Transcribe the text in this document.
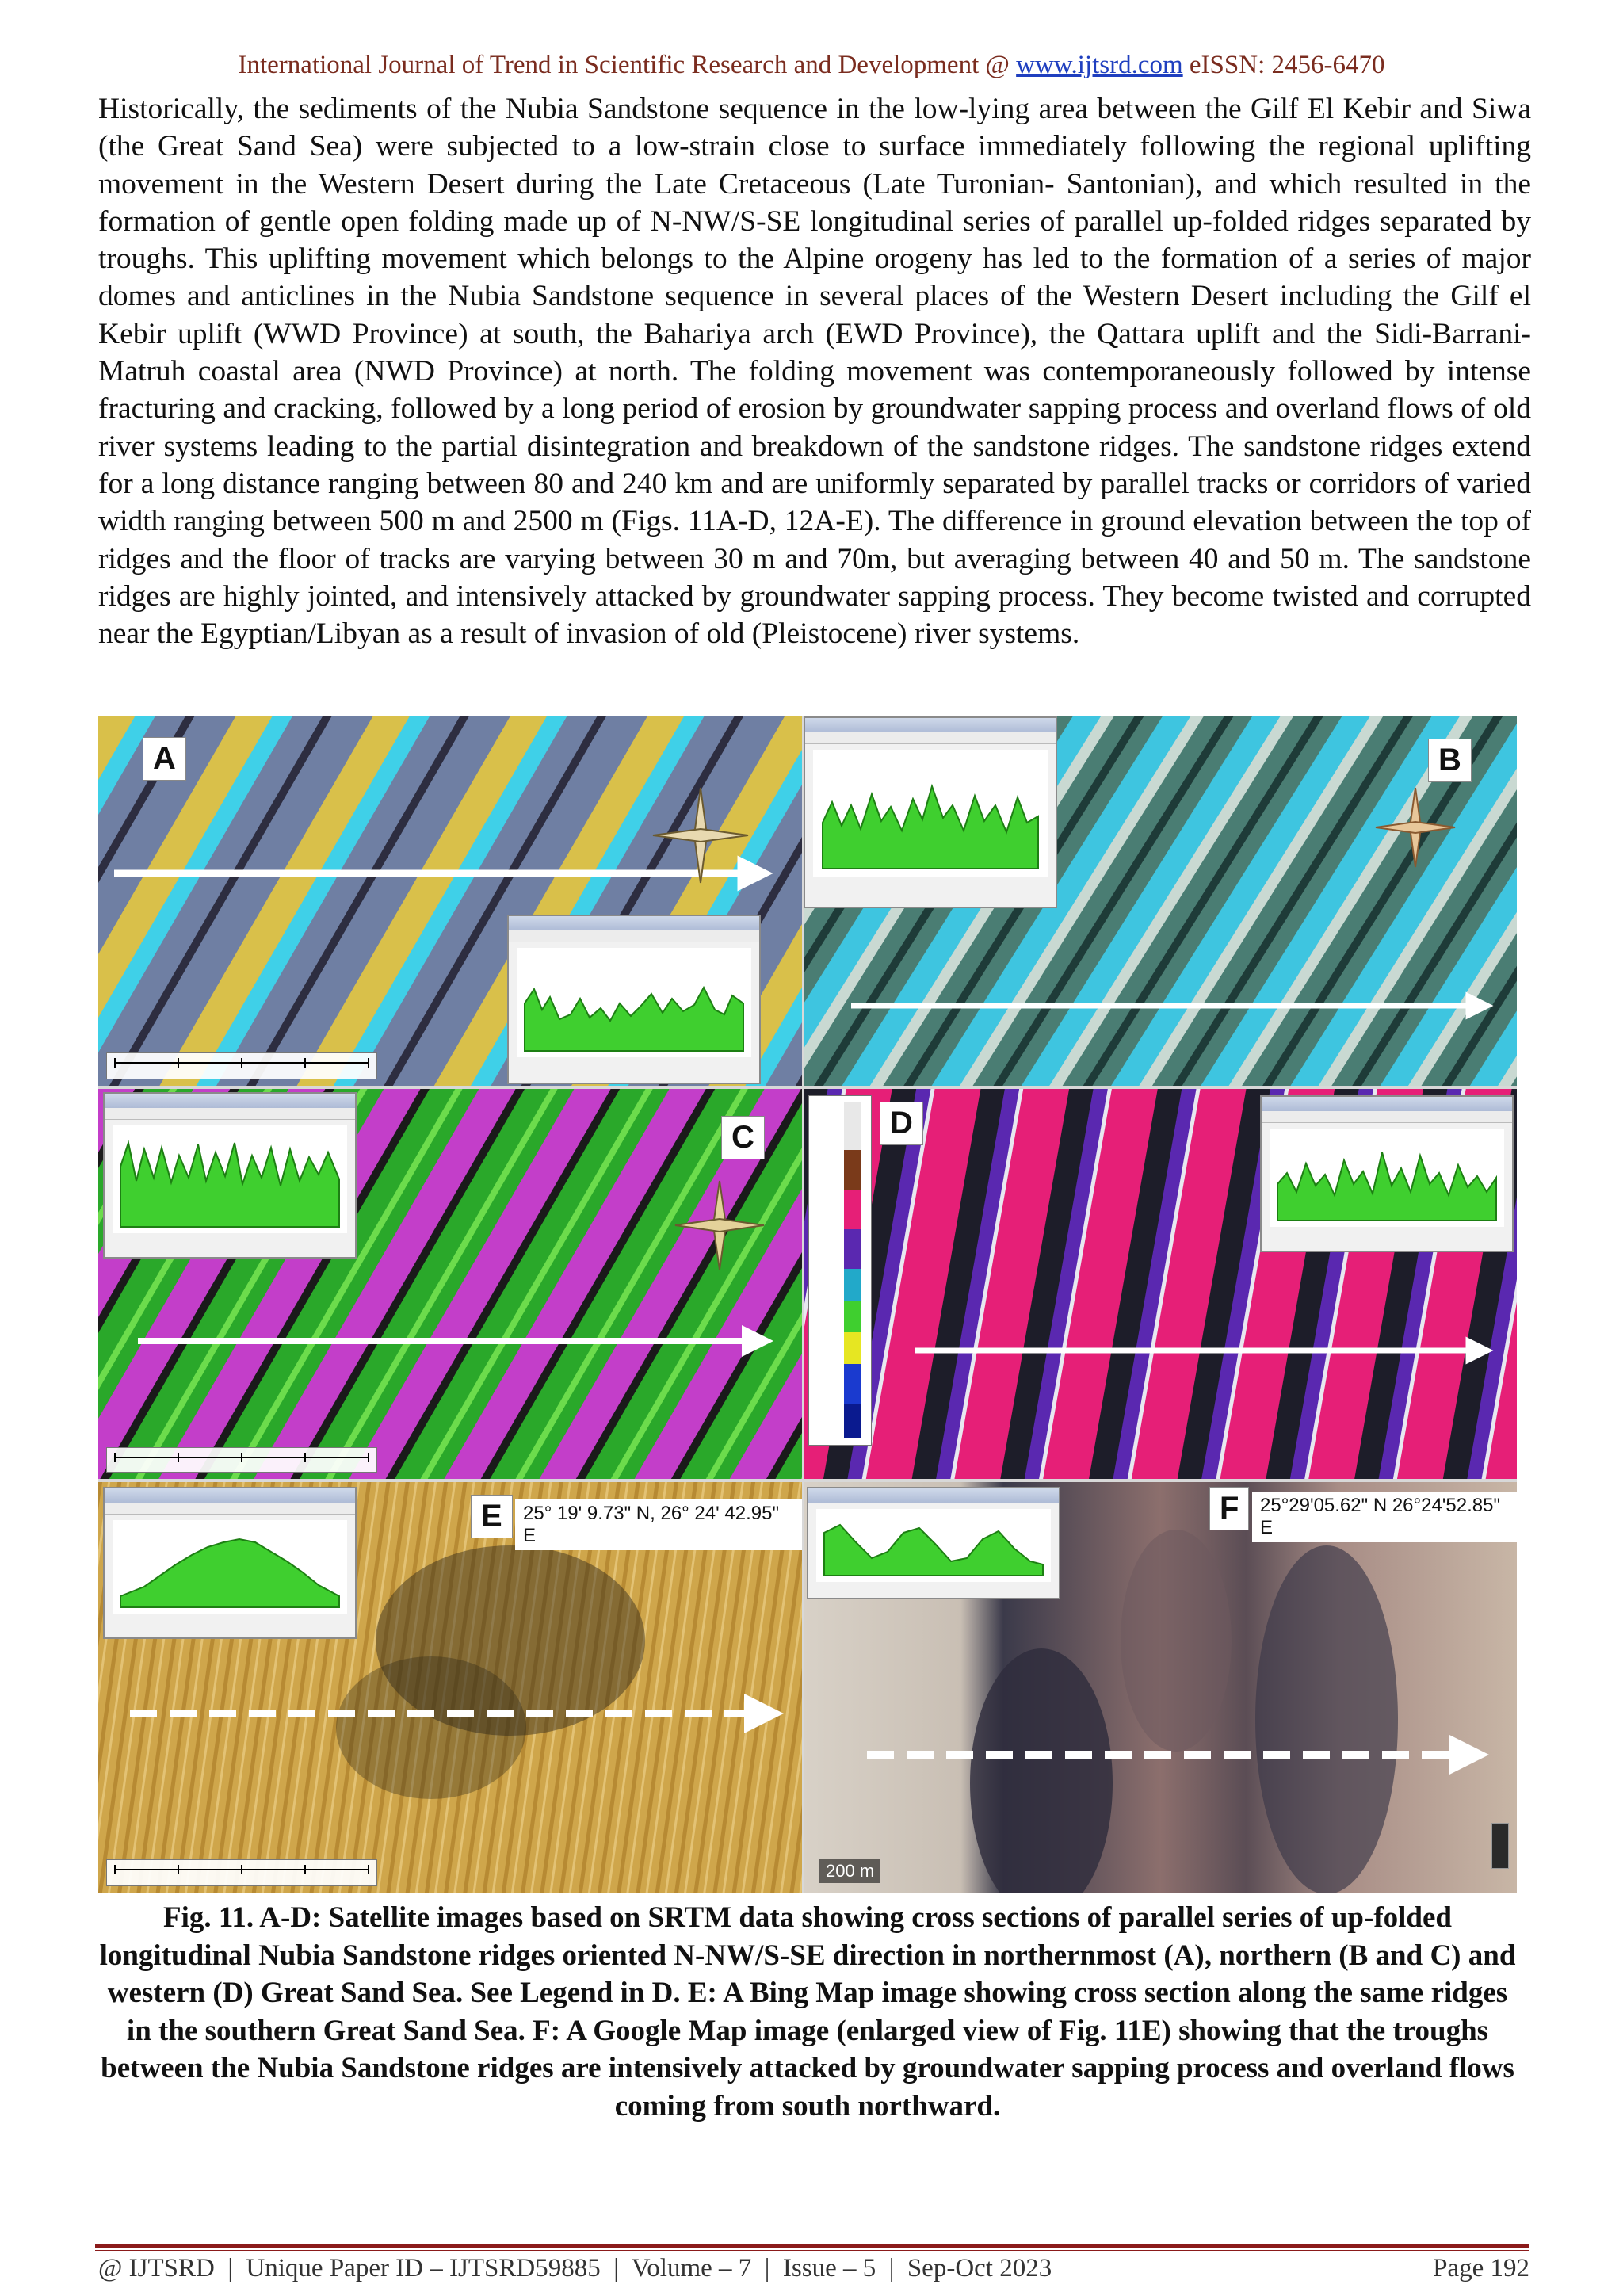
International Journal of Trend in Scientific Research and Development @ www.ijtsrd.com eISSN: 2456-6470
Historically, the sediments of the Nubia Sandstone sequence in the low-lying area between the Gilf El Kebir and Siwa (the Great Sand Sea) were subjected to a low-strain close to surface immediately following the regional uplifting movement in the Western Desert during the Late Cretaceous (Late Turonian- Santonian), and which resulted in the formation of gentle open folding made up of N-NW/S-SE longitudinal series of parallel up-folded ridges separated by troughs. This uplifting movement which belongs to the Alpine orogeny has led to the formation of a series of major domes and anticlines in the Nubia Sandstone sequence in several places of the Western Desert including the Gilf el Kebir uplift (WWD Province) at south, the Bahariya arch (EWD Province), the Qattara uplift and the Sidi-Barrani-Matruh coastal area (NWD Province) at north. The folding movement was contemporaneously followed by intense fracturing and cracking, followed by a long period of erosion by groundwater sapping process and overland flows of old river systems leading to the partial disintegration and breakdown of the sandstone ridges. The sandstone ridges extend for a long distance ranging between 80 and 240 km and are uniformly separated by parallel tracks or corridors of varied width ranging between 500 m and 2500 m (Figs. 11A-D, 12A-E). The difference in ground elevation between the top of ridges and the floor of tracks are varying between 30 m and 70m, but averaging between 40 and 50 m. The sandstone ridges are highly jointed, and intensively attacked by groundwater sapping process. They become twisted and corrupted near the Egyptian/Libyan as a result of invasion of old (Pleistocene) river systems.
A	B
C	D
E	25° 19' 9.73" N, 26° 24' 42.95" E
F	25°29'05.62" N 26°24'52.85" E
200 m
Fig. 11. A-D: Satellite images based on SRTM data showing cross sections of parallel series of up-folded longitudinal Nubia Sandstone ridges oriented N-NW/S-SE direction in northernmost (A), northern (B and C) and western (D) Great Sand Sea. See Legend in D. E: A Bing Map image showing cross section along the same ridges in the southern Great Sand Sea. F: A Google Map image (enlarged view of Fig. 11E) showing that the troughs between the Nubia Sandstone ridges are intensively attacked by groundwater sapping process and overland flows coming from south northward.
@ IJTSRD  |  Unique Paper ID – IJTSRD59885  |  Volume – 7  |  Issue – 5  |  Sep-Oct 2023	Page 192
